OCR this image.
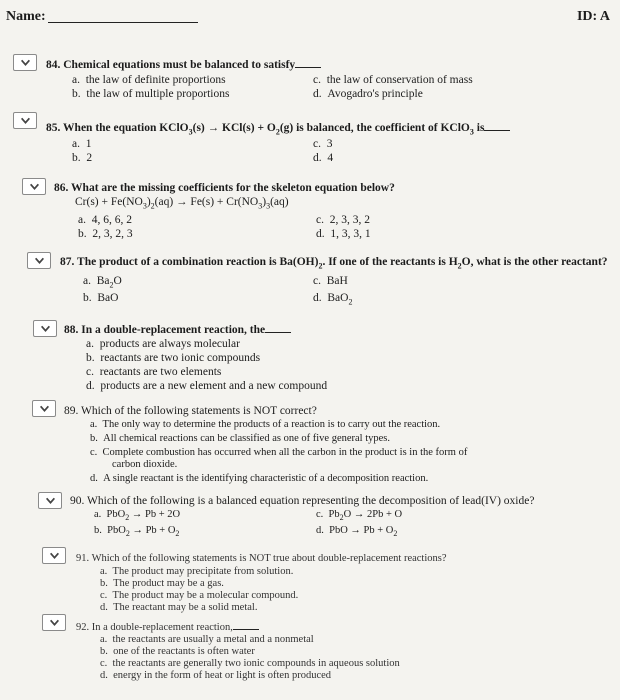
Name:	ID: A
84. Chemical equations must be balanced to satisfy
a. the law of definite proportions
b. the law of multiple proportions
c. the law of conservation of mass
d. Avogadro's principle
85. When the equation KClO$_3$(s) → $KCl(s) + O_2(g)$ is balanced, the coefficient of KClO$_3$ is
a. 1
b. 2
c. 3
d. 4
86. What are the missing coefficients for the skeleton equation below?
$Cr(s) + Fe(NO_3)_2(aq) \to Fe(s) + Cr(NO_3)_3(aq)$
a. 4, 6, 6, 2
b. 2, 3, 2, 3
c. 2, 3, 3, 2
d. 1, 3, 3, 1
87. The product of a combination reaction is $Ba(OH)_2$. If one of the reactants is $H_2O$, what is the other reactant?
a. $Ba_2O$
b. BaO
c. BaH
d. BaO$_2$
88. In a double-replacement reaction, the
a. products are always molecular
b. reactants are two ionic compounds
c. reactants are two elements
d. products are a new element and a new compound
89. Which of the following statements is NOT correct?
a. The only way to determine the products of a reaction is to carry out the reaction.
b. All chemical reactions can be classified as one of five general types.
c. Complete combustion has occurred when all the carbon in the product is in the form of
carbon dioxide.
d. A single reactant is the identifying characteristic of a decomposition reaction.
90. Which of the following is a balanced equation representing the decomposition of lead(IV) oxide?
a. PbO$_2$ → Pb + 2O
b. $PbO_2 \to Pb + O_2$
c. $Pb_2O \to 2Pb + O$
d. PbO → $Pb + O_2$
91. Which of the following statements is NOT true about double-replacement reactions?
a. The product may precipitate from solution.
b. The product may be a gas.
c. The product may be a molecular compound.
d. The reactant may be a solid metal.
92. In a double-replacement reaction,
a. the reactants are usually a metal and a nonmetal
b. one of the reactants is often water
c. the reactants are generally two ionic compounds in aqueous solution
d. energy in the form of heat or light is often produced
